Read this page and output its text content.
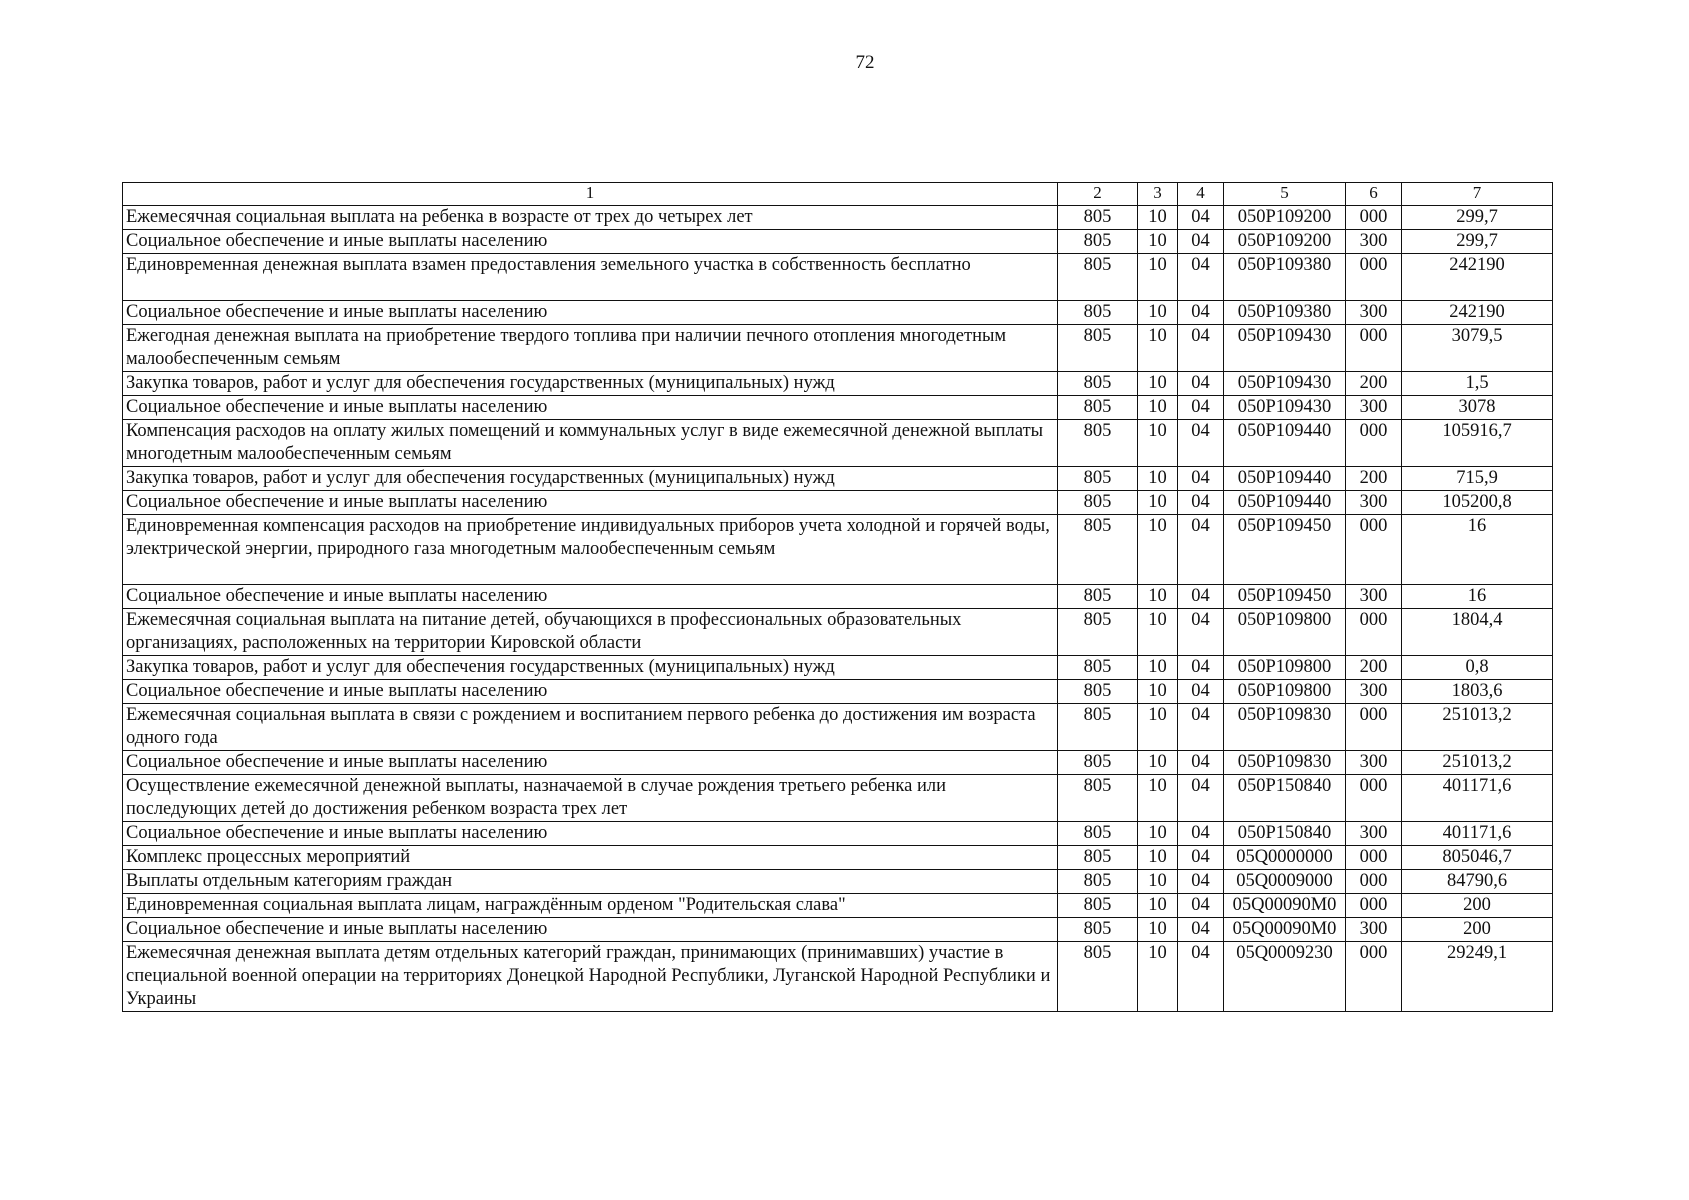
72
1	2	3	4	5	6	7
Ежемесячная социальная выплата на ребенка в возрасте от трех до четырех лет	805	10	04	050P109200	000	299,7
Социальное обеспечение и иные выплаты населению	805	10	04	050P109200	300	299,7
Единовременная денежная выплата взамен предоставления земельного участка в собственность бесплатно	805	10	04	050P109380	000	242190
Социальное обеспечение и иные выплаты населению	805	10	04	050P109380	300	242190
Ежегодная денежная выплата на приобретение твердого топлива при наличии печного отопления многодетным малообеспеченным семьям	805	10	04	050P109430	000	3079,5
Закупка товаров, работ и услуг для обеспечения государственных (муниципальных) нужд	805	10	04	050P109430	200	1,5
Социальное обеспечение и иные выплаты населению	805	10	04	050P109430	300	3078
Компенсация расходов на оплату жилых помещений и коммунальных услуг в виде ежемесячной денежной выплаты многодетным малообеспеченным семьям	805	10	04	050P109440	000	105916,7
Закупка товаров, работ и услуг для обеспечения государственных (муниципальных) нужд	805	10	04	050P109440	200	715,9
Социальное обеспечение и иные выплаты населению	805	10	04	050P109440	300	105200,8
Единовременная компенсация расходов на приобретение индивидуальных приборов учета холодной и горячей воды, электрической энергии, природного газа многодетным малообеспеченным семьям	805	10	04	050P109450	000	16
Социальное обеспечение и иные выплаты населению	805	10	04	050P109450	300	16
Ежемесячная социальная выплата на питание детей, обучающихся в профессиональных образовательных организациях, расположенных на территории Кировской области	805	10	04	050P109800	000	1804,4
Закупка товаров, работ и услуг для обеспечения государственных (муниципальных) нужд	805	10	04	050P109800	200	0,8
Социальное обеспечение и иные выплаты населению	805	10	04	050P109800	300	1803,6
Ежемесячная социальная выплата в связи с рождением и воспитанием первого ребенка до достижения им возраста одного года	805	10	04	050P109830	000	251013,2
Социальное обеспечение и иные выплаты населению	805	10	04	050P109830	300	251013,2
Осуществление ежемесячной денежной выплаты, назначаемой в случае рождения третьего ребенка или последующих детей до достижения ребенком возраста трех лет	805	10	04	050P150840	000	401171,6
Социальное обеспечение и иные выплаты населению	805	10	04	050P150840	300	401171,6
Комплекс процессных мероприятий	805	10	04	05Q0000000	000	805046,7
Выплаты отдельным категориям граждан	805	10	04	05Q0009000	000	84790,6
Единовременная социальная выплата лицам, награждённым орденом "Родительская слава"	805	10	04	05Q00090M0	000	200
Социальное обеспечение и иные выплаты населению	805	10	04	05Q00090M0	300	200
Ежемесячная денежная выплата детям отдельных категорий граждан, принимающих (принимавших) участие в специальной военной операции на территориях Донецкой Народной Республики, Луганской Народной Республики и Украины	805	10	04	05Q0009230	000	29249,1
